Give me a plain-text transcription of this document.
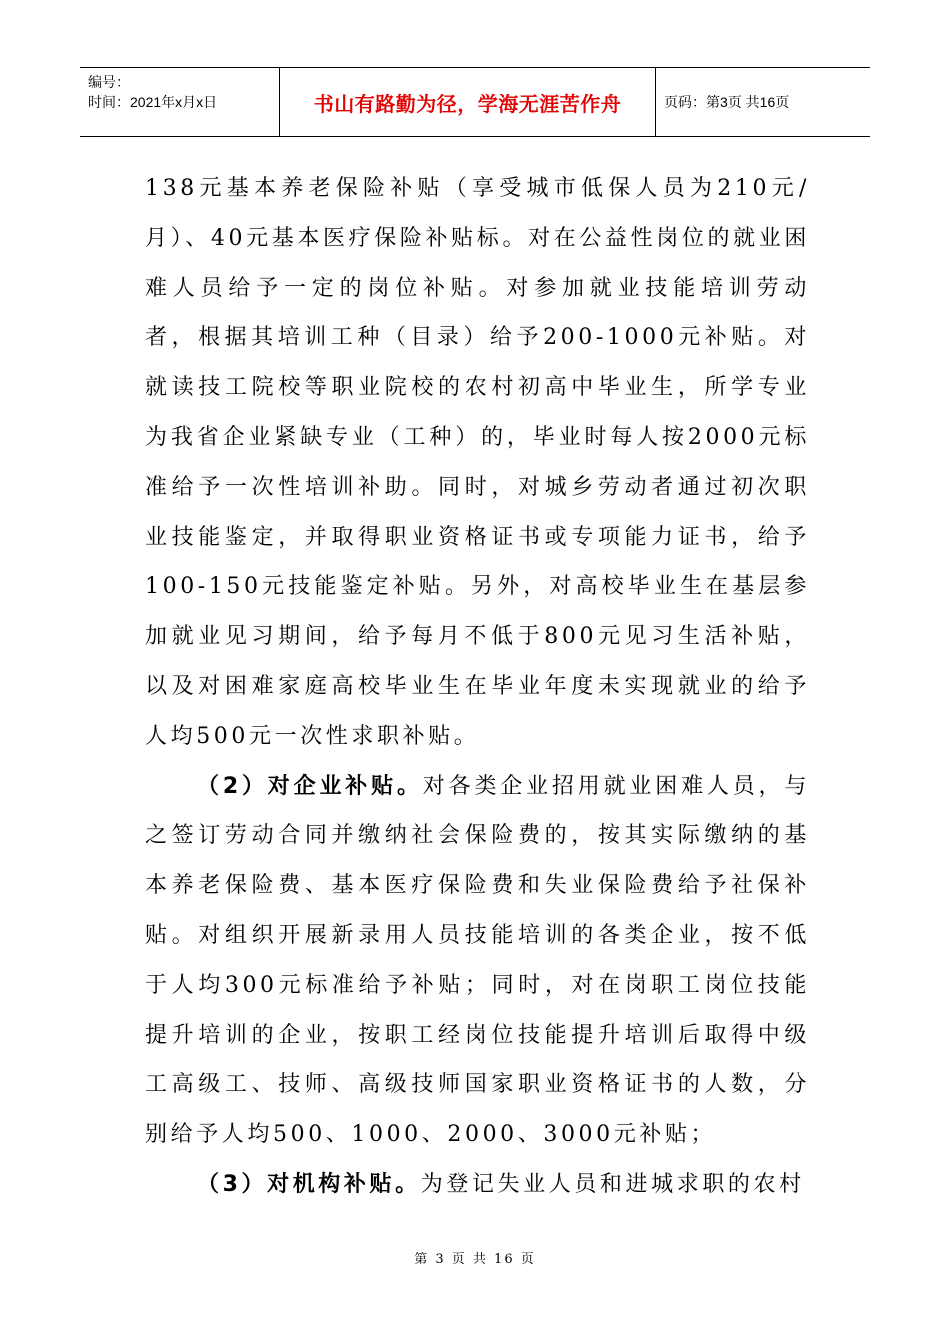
编号：
时间：2021年x月x日	书山有路勤为径，学海无涯苦作舟	页码：第3页 共16页

138元基本养老保险补贴（享受城市低保人员为210元/月）、40元基本医疗保险补贴标。对在公益性岗位的就业困难人员给予一定的岗位补贴。对参加就业技能培训劳动者，根据其培训工种（目录）给予200-1000元补贴。对就读技工院校等职业院校的农村初高中毕业生，所学专业为我省企业紧缺专业（工种）的，毕业时每人按2000元标准给予一次性培训补助。同时，对城乡劳动者通过初次职业技能鉴定，并取得职业资格证书或专项能力证书，给予100-150元技能鉴定补贴。另外，对高校毕业生在基层参加就业见习期间，给予每月不低于800元见习生活补贴，以及对困难家庭高校毕业生在毕业年度未实现就业的给予人均500元一次性求职补贴。

（2）对企业补贴。对各类企业招用就业困难人员，与之签订劳动合同并缴纳社会保险费的，按其实际缴纳的基本养老保险费、基本医疗保险费和失业保险费给予社保补贴。对组织开展新录用人员技能培训的各类企业，按不低于人均300元标准给予补贴；同时，对在岗职工岗位技能提升培训的企业，按职工经岗位技能提升培训后取得中级工高级工、技师、高级技师国家职业资格证书的人数，分别给予人均500、1000、2000、3000元补贴；

（3）对机构补贴。为登记失业人员和进城求职的农村

第 3 页 共 16 页
